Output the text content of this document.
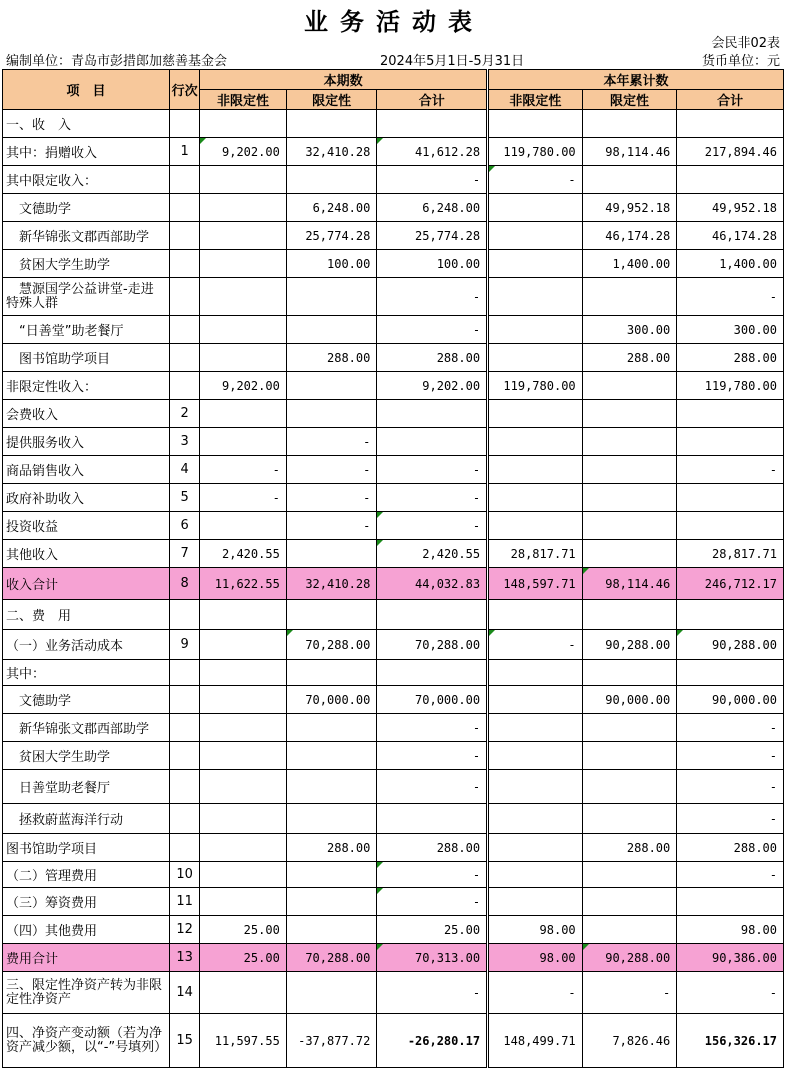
业务活动表
会民非02表
编制单位：青岛市彭措郎加慈善基金会	2024年5月1日-5月31日	货币单位：元
项　目	行次	本期数			本年累计数		
		非限定性	限定性	合计	非限定性	限定性	合计
一、收　入							
其中：捐赠收入	1	9,202.00	32,410.28	41,612.28	119,780.00	98,114.46	217,894.46
其中限定收入：				-	-		
　文德助学			6,248.00	6,248.00		49,952.18	49,952.18
　新华锦张文郡西部助学			25,774.28	25,774.28		46,174.28	46,174.28
　贫困大学生助学			100.00	100.00		1,400.00	1,400.00
　慧源国学公益讲堂-走进特殊人群				-			-
　“日善堂”助老餐厅				-		300.00	300.00
　图书馆助学项目			288.00	288.00		288.00	288.00
非限定性收入：		9,202.00		9,202.00	119,780.00		119,780.00
会费收入	2						
提供服务收入	3		-				
商品销售收入	4	-	-	-			-
政府补助收入	5	-	-	-			
投资收益	6		-	-			
其他收入	7	2,420.55		2,420.55	28,817.71		28,817.71
收入合计	8	11,622.55	32,410.28	44,032.83	148,597.71	98,114.46	246,712.17
二、费　用							
（一）业务活动成本	9		70,288.00	70,288.00	-	90,288.00	90,288.00
其中：							
　文德助学			70,000.00	70,000.00		90,000.00	90,000.00
　新华锦张文郡西部助学				-			-
　贫困大学生助学				-			-
　日善堂助老餐厅				-			-
　拯救蔚蓝海洋行动							-
图书馆助学项目			288.00	288.00		288.00	288.00
（二）管理费用	10			-			-
（三）筹资费用	11			-			
（四）其他费用	12	25.00		25.00	98.00		98.00
费用合计	13	25.00	70,288.00	70,313.00	98.00	90,288.00	90,386.00
三、限定性净资产转为非限定性净资产	14			-	-	-	-
四、净资产变动额（若为净资产减少额，以“-”号填列）	15	11,597.55	-37,877.72	-26,280.17	148,499.71	7,826.46	156,326.17
